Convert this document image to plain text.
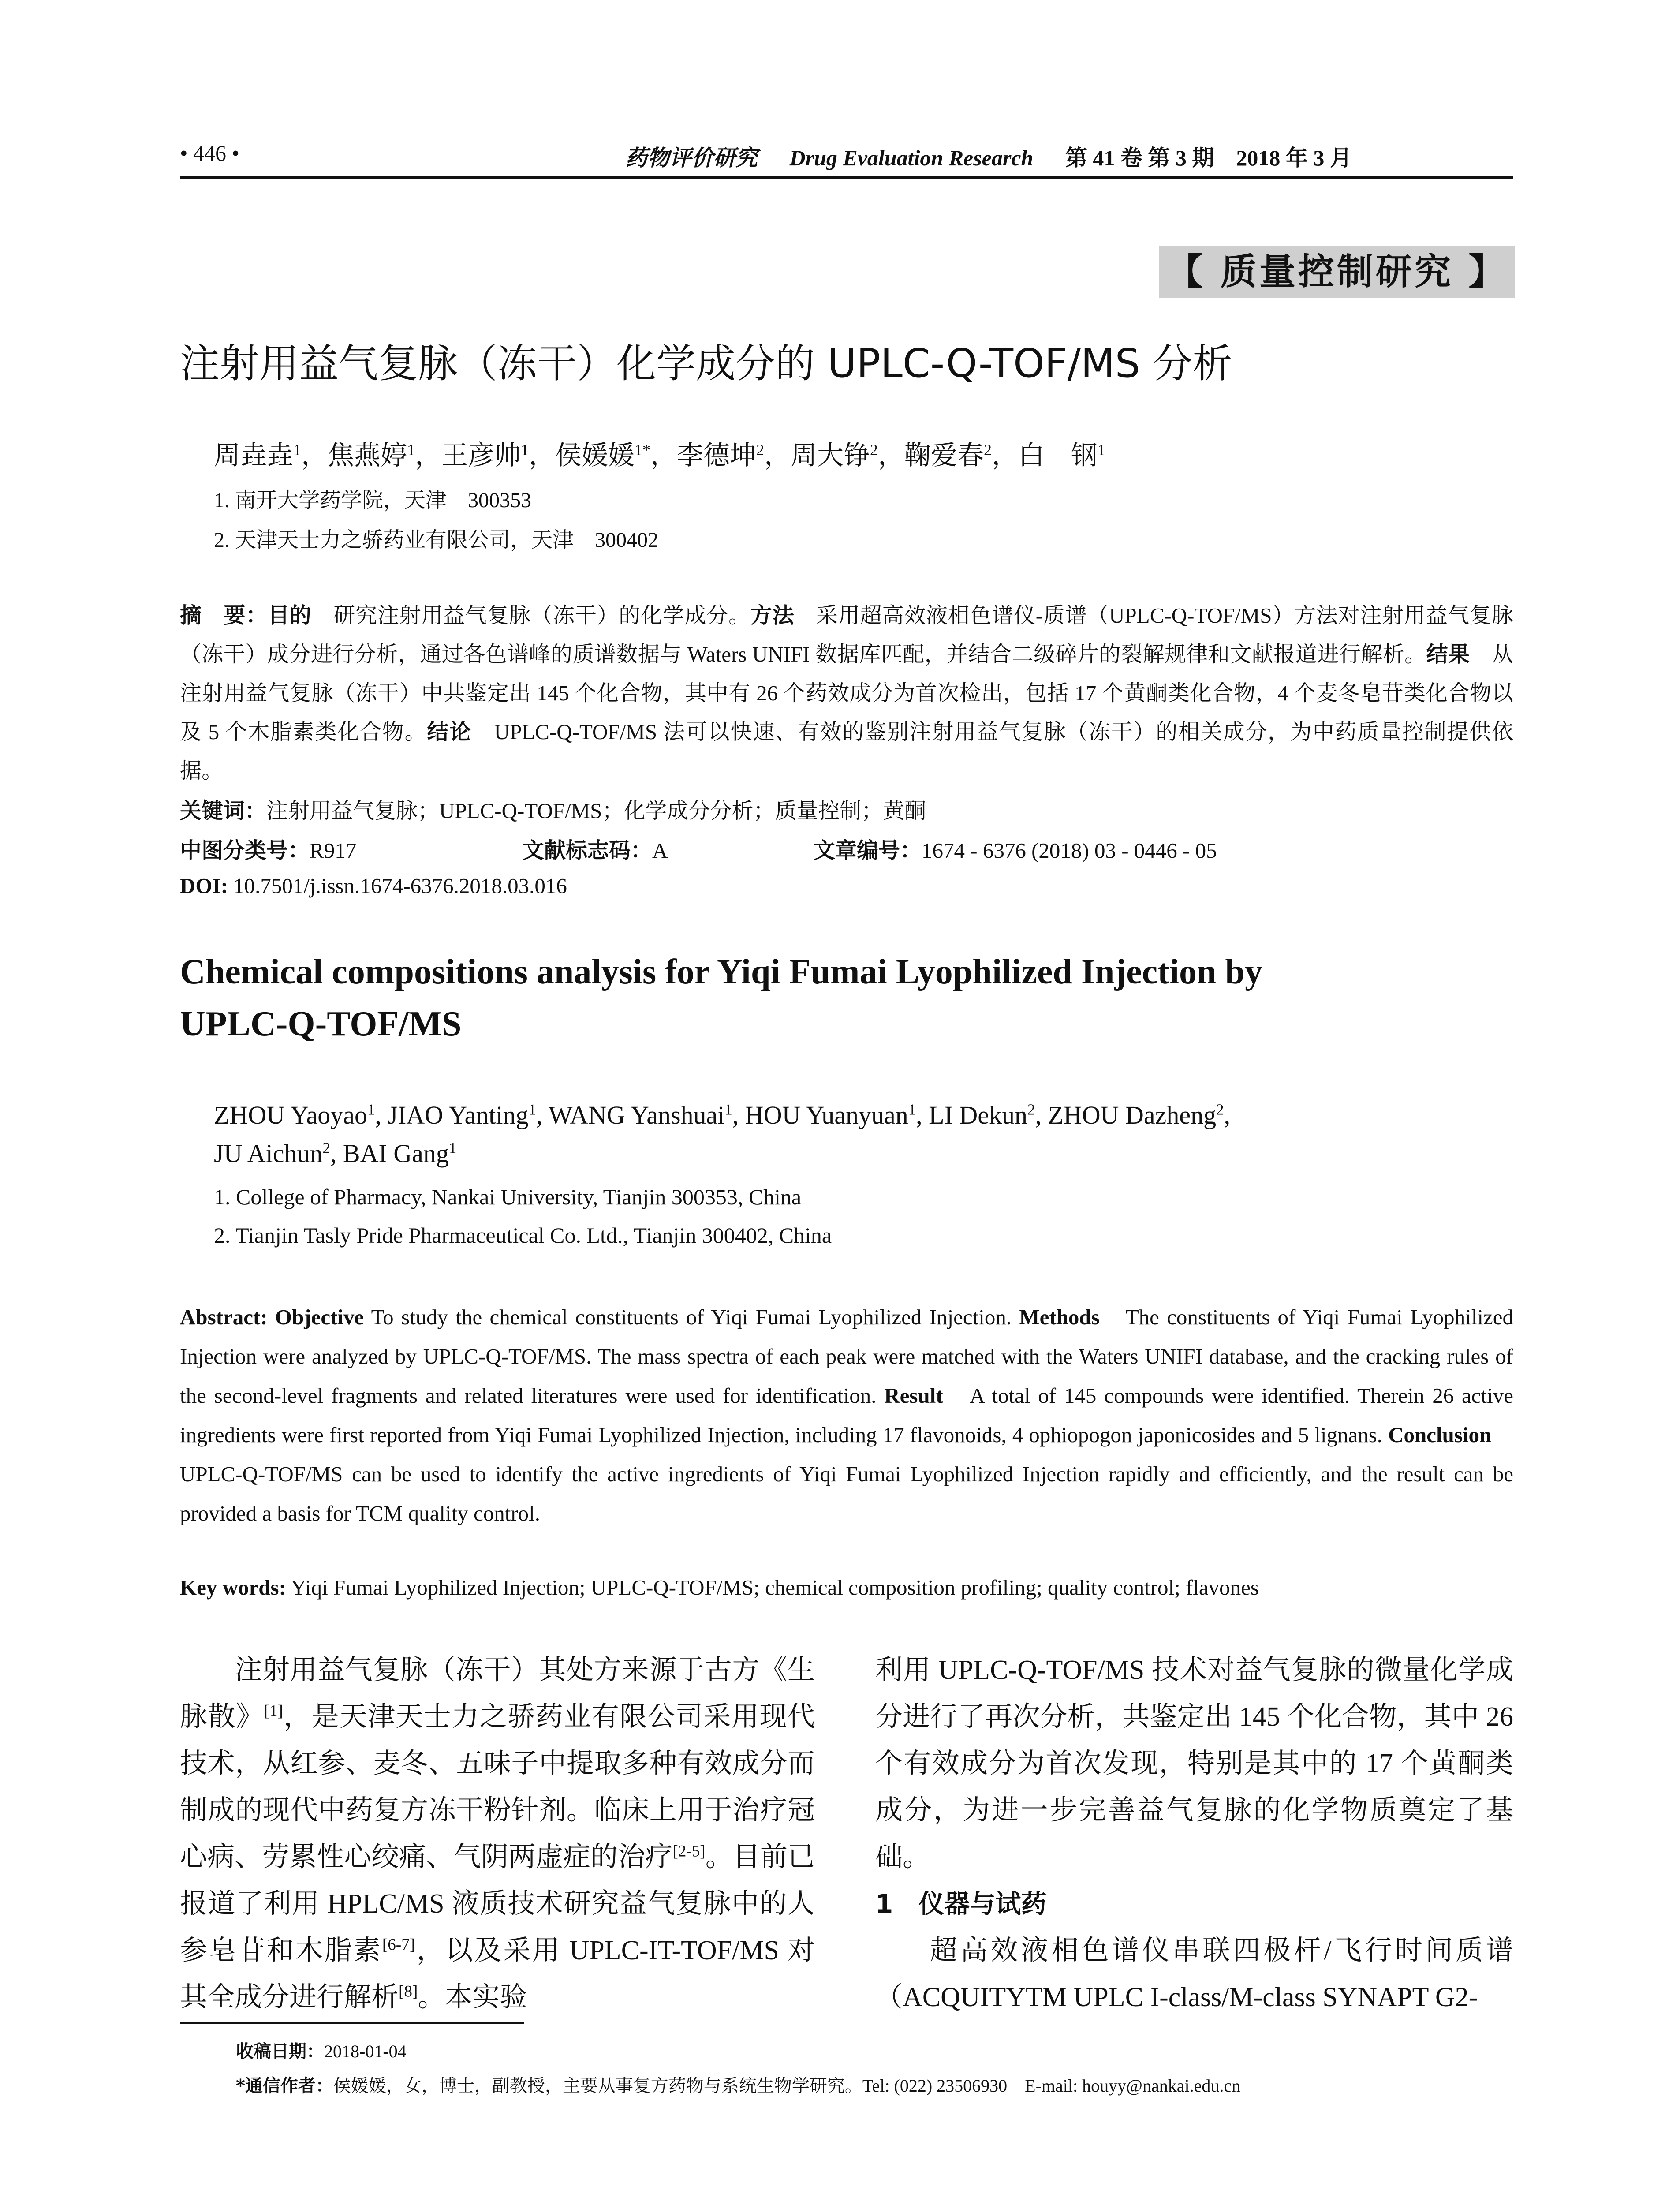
• 446 •	药物评价研究 Drug Evaluation Research 第 41 卷 第 3 期　2018 年 3 月
【 质量控制研究 】
注射用益气复脉（冻干）化学成分的 UPLC-Q-TOF/MS 分析
周垚垚$^1$，焦燕婷$^1$，王彦帅$^1$，侯媛媛$^{1*}$，李德坤$^2$，周大铮$^2$，鞠爱春$^2$，白　钢$^1$
1. 南开大学药学院，天津　300353
2. 天津天士力之骄药业有限公司，天津　300402
摘　要：目的　研究注射用益气复脉（冻干）的化学成分。方法　采用超高效液相色谱仪-质谱（UPLC-Q-TOF/MS）方法对注射用益气复脉（冻干）成分进行分析，通过各色谱峰的质谱数据与 Waters UNIFI 数据库匹配，并结合二级碎片的裂解规律和文献报道进行解析。结果　从注射用益气复脉（冻干）中共鉴定出 145 个化合物，其中有 26 个药效成分为首次检出，包括 17 个黄酮类化合物，4 个麦冬皂苷类化合物以及 5 个木脂素类化合物。结论　UPLC-Q-TOF/MS 法可以快速、有效的鉴别注射用益气复脉（冻干）的相关成分，为中药质量控制提供依据。
关键词：注射用益气复脉；UPLC-Q-TOF/MS；化学成分分析；质量控制；黄酮
中图分类号：R917	文献标志码：A	文章编号：1674 - 6376 (2018) 03 - 0446 - 05
DOI: 10.7501/j.issn.1674-6376.2018.03.016
Chemical compositions analysis for Yiqi Fumai Lyophilized Injection by
UPLC-Q-TOF/MS
ZHOU Yaoyao$^1$, JIAO Yanting$^1$, WANG Yanshuai$^1$, HOU Yuanyuan$^1$, LI Dekun$^2$, ZHOU Dazheng$^2$,
JU Aichun$^2$, BAI Gang$^1$
1. College of Pharmacy, Nankai University, Tianjin 300353, China
2. Tianjin Tasly Pride Pharmaceutical Co. Ltd., Tianjin 300402, China
Abstract: Objective To study the chemical constituents of Yiqi Fumai Lyophilized Injection. Methods　The constituents of Yiqi Fumai Lyophilized Injection were analyzed by UPLC-Q-TOF/MS. The mass spectra of each peak were matched with the Waters UNIFI database, and the cracking rules of the second-level fragments and related literatures were used for identification. Result　A total of 145 compounds were identified. Therein 26 active ingredients were first reported from Yiqi Fumai Lyophilized Injection, including 17 flavonoids, 4 ophiopogon japonicosides and 5 lignans. Conclusion　UPLC-Q-TOF/MS can be used to identify the active ingredients of Yiqi Fumai Lyophilized Injection rapidly and efficiently, and the result can be provided a basis for TCM quality control.
Key words: Yiqi Fumai Lyophilized Injection; UPLC-Q-TOF/MS; chemical composition profiling; quality control; flavones
注射用益气复脉（冻干）其处方来源于古方《生脉散》[1]，是天津天士力之骄药业有限公司采用现代技术，从红参、麦冬、五味子中提取多种有效成分而制成的现代中药复方冻干粉针剂。临床上用于治疗冠心病、劳累性心绞痛、气阴两虚症的治疗[2-5]。目前已报道了利用 HPLC/MS 液质技术研究益气复脉中的人参皂苷和木脂素[6-7]，以及采用 UPLC-IT-TOF/MS 对其全成分进行解析[8]。本实验
利用 UPLC-Q-TOF/MS 技术对益气复脉的微量化学成分进行了再次分析，共鉴定出 145 个化合物，其中 26 个有效成分为首次发现，特别是其中的 17 个黄酮类成分，为进一步完善益气复脉的化学物质奠定了基础。
1　仪器与试药
超高效液相色谱仪串联四极杆/飞行时间质谱（ACQUITYTM UPLC I-class/M-class SYNAPT G2-
收稿日期：2018-01-04
*通信作者：侯媛媛，女，博士，副教授，主要从事复方药物与系统生物学研究。Tel: (022) 23506930　E-mail: houyy@nankai.edu.cn
